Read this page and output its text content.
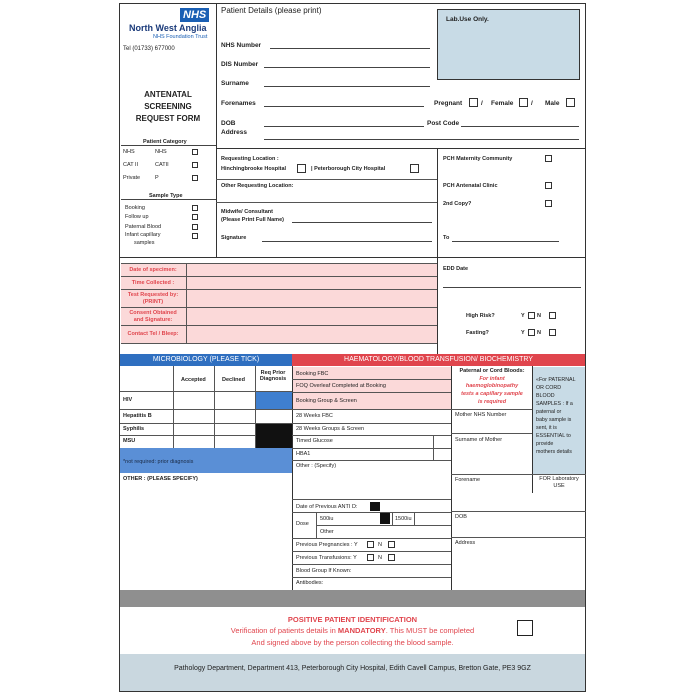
NHS
North West Anglia
NHS Foundation Trust
Tel (01733) 677000
Patient Details (please print)
Lab.Use Only.
ANTENATAL
SCREENING
REQUEST FORM
NHS Number
DIS Number
Surname
Forenames	Pregnant	/ Female	/ Male
DOB	Post Code
Address
Patient Category
NHS	NHS
CAT II	CATII
Private	P
Sample Type
Booking
Follow up
Paternal Blood
Infant capillary
samples
Requesting Location :
Hinchingbrooke Hospital	| Peterborough City Hospital
PCH Maternity Community
PCH Antenatal Clinic
2nd Copy?
Other Requesting Location:
Midwife/ Consultant
(Please Print Full Name)
Signature	To
Date of specimen:
Time Collected :
Test Requested by:
(PRINT)
Consent Obtained
and Signature:
Contact Tel / Bleep:
EDD Date
High Risk?	Y N
Fasting?	Y N
MICROBIOLOGY (PLEASE TICK)	HAEMATOLOGY/BLOOD TRANSFUSION/ BIOCHEMISTRY
Accepted	Declined
Req Prior Diagnosis
HIV
Hepatitis B
Syphilis
MSU
*not required: prior diagnosis
OTHER : (PLEASE SPECIFY)
Booking FBC
FOQ Overleaf Completed at Booking
Booking Group & Screen
28 Weeks FBC
28 Weeks Groups & Screen
Timed Glucose
HBA1
Other : (Specify)
Date of Previous ANTI D:
Dose
500iu	1500iu
Other
Previous Pregnancies : Y	N
Previous Transfusions: Y	N
Blood Group If Known:
Antibodies:
Paternal or Cord Bloods:
For infant
haemoglobinopathy
tests a capillary sample
is required
«For PATERNAL
OR CORD
BLOOD
SAMPLES : If a
paternal or
baby sample is
sent, it is
ESSENTIAL to
provide
mothers details
FOR Laboratory
USE
Mother NHS Number
Surname of Mother
Forename
DOB
Address
POSITIVE PATIENT IDENTIFICATION
Verification of patients details in MANDATORY. This MUST be completed
And signed above by the person collecting the blood sample.
Pathology Department, Department 413, Peterborough City Hospital, Edith Cavell Campus, Bretton Gate, PE3 9GZ
